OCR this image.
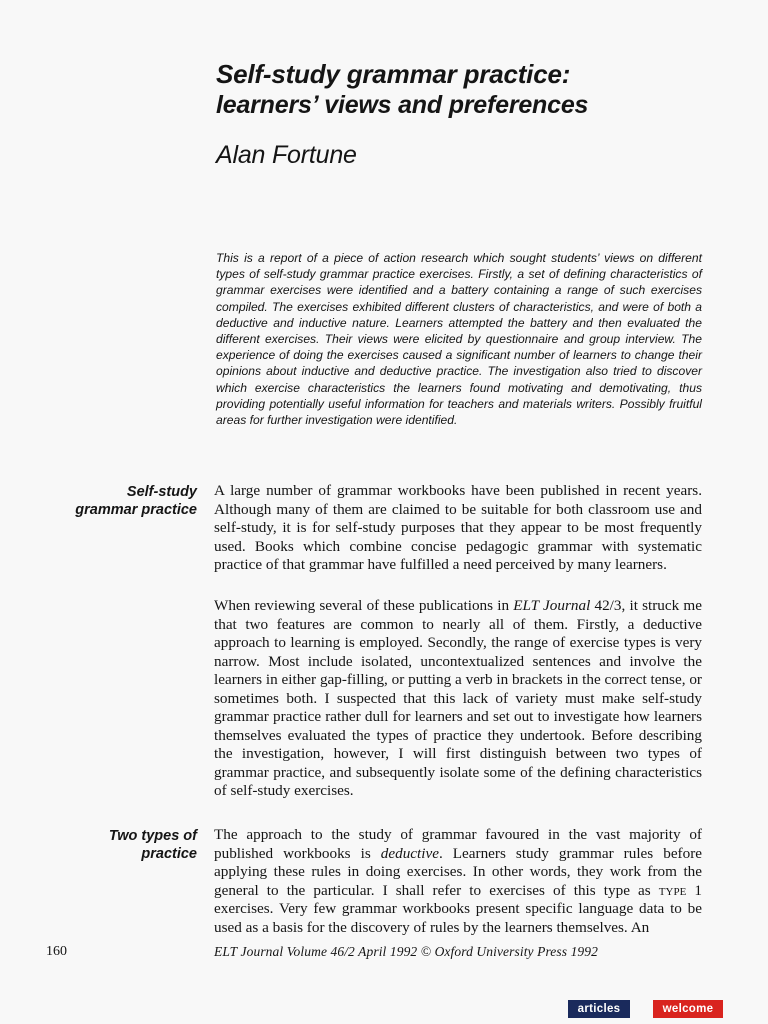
Self-study grammar practice:
learners’ views and preferences

Alan Fortune

This is a report of a piece of action research which sought students’ views on different types of self-study grammar practice exercises. Firstly, a set of defining characteristics of grammar exercises were identified and a battery containing a range of such exercises compiled. The exercises exhibited different clusters of characteristics, and were of both a deductive and inductive nature. Learners attempted the battery and then evaluated the different exercises. Their views were elicited by questionnaire and group interview. The experience of doing the exercises caused a significant number of learners to change their opinions about inductive and deductive practice. The investigation also tried to discover which exercise characteristics the learners found motivating and demotivating, thus providing potentially useful information for teachers and materials writers. Possibly fruitful areas for further investigation were identified.

Self-study
grammar practice

A large number of grammar workbooks have been published in recent years. Although many of them are claimed to be suitable for both classroom use and self-study, it is for self-study purposes that they appear to be most frequently used. Books which combine concise pedagogic grammar with systematic practice of that grammar have fulfilled a need perceived by many learners.

When reviewing several of these publications in ELT Journal 42/3, it struck me that two features are common to nearly all of them. Firstly, a deductive approach to learning is employed. Secondly, the range of exercise types is very narrow. Most include isolated, uncontextualized sentences and involve the learners in either gap-filling, or putting a verb in brackets in the correct tense, or sometimes both. I suspected that this lack of variety must make self-study grammar practice rather dull for learners and set out to investigate how learners themselves evaluated the types of practice they undertook. Before describing the investigation, however, I will first distinguish between two types of grammar practice, and subsequently isolate some of the defining characteristics of self-study exercises.

Two types of
practice

The approach to the study of grammar favoured in the vast majority of published workbooks is deductive. Learners study grammar rules before applying these rules in doing exercises. In other words, they work from the general to the particular. I shall refer to exercises of this type as type 1 exercises. Very few grammar workbooks present specific language data to be used as a basis for the discovery of rules by the learners themselves. An

160	ELT Journal Volume 46/2 April 1992 © Oxford University Press 1992
articles	welcome
